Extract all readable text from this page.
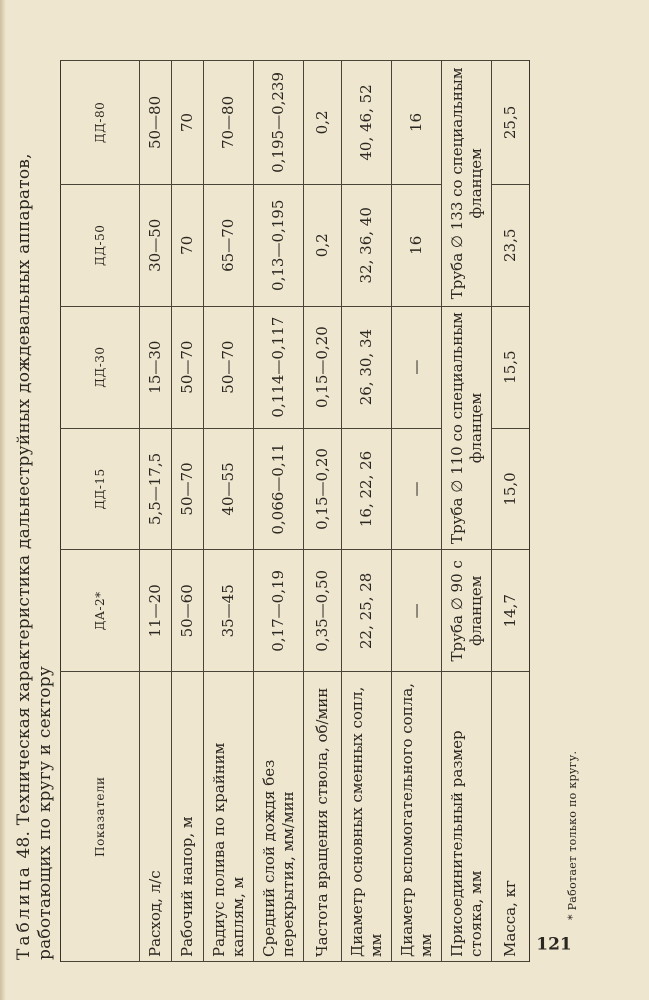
Таблица 48. Техническая характеристика дальнеструйных дождевальных аппаратов, работающих по кругу и сектору	Показатели	ДА-2*	ДД-15	ДД-30	ДД-50	ДД-80
Расход, л/с	11—20	5,5—17,5	15—30	30—50	50—80
Рабочий напор, м	50—60	50—70	50—70	70	70
Радиус полива по крайним каплям, м	35—45	40—55	50—70	65—70	70—80
Средний слой дождя без перекрытия, мм/мин	0,17—0,19	0,066—0,11	0,114—0,117	0,13—0,195	0,195—0,239
Частота вращения ствола, об/мин	0,35—0,50	0,15—0,20	0,15—0,20	0,2	0,2
Диаметр основных сменных сопл, мм	22, 25, 28	16, 22, 26	26, 30, 34	32, 36, 40	40, 46, 52
Диаметр вспомогательного сопла, мм	—	—	—	16	16
Присоединительный размер стояка, мм	Труба ∅ 90 с фланцем	Труба ∅ 110 со специальным фланцем		Труба ∅ 133 со специальным фланцем	
Масса, кг	14,7	15,0	15,5	23,5	25,5
* Работает только по кругу.
121
